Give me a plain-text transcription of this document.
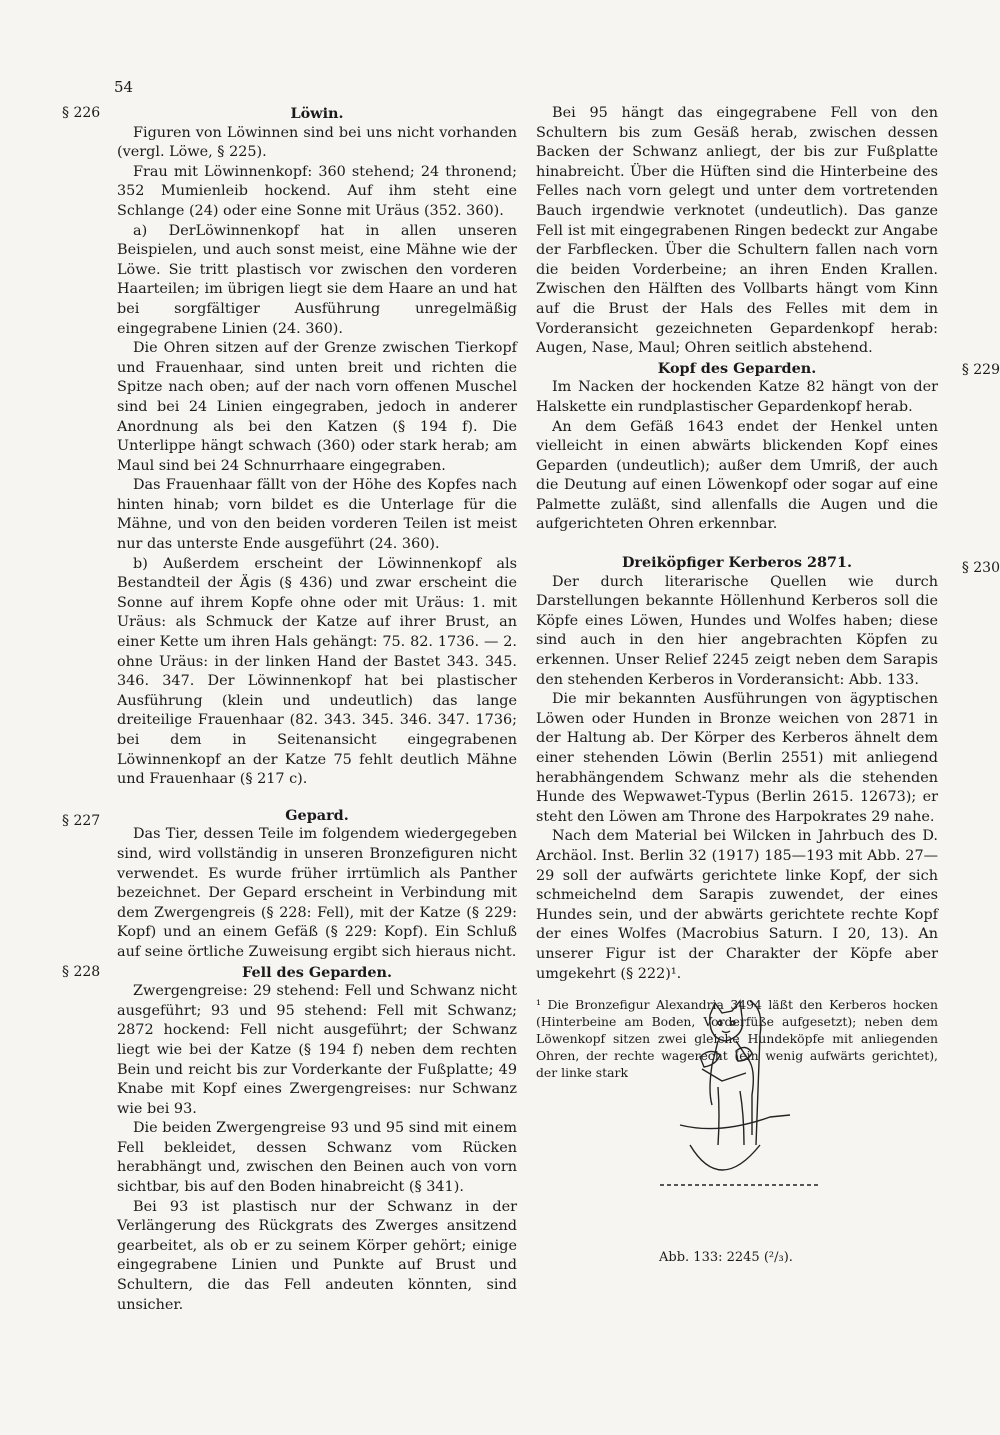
54
§ 226	Löwin.

Figuren von Löwinnen sind bei uns nicht vorhanden (vergl. Löwe, § 225).

Frau mit Löwinnenkopf: 360 stehend; 24 thronend; 352 Mumienleib hockend. Auf ihm steht eine Schlange (24) oder eine Sonne mit Uräus (352. 360).

a) DerLöwinnenkopf hat in allen unseren Beispielen, und auch sonst meist, eine Mähne wie der Löwe. Sie tritt plastisch vor zwischen den vorderen Haarteilen; im übrigen liegt sie dem Haare an und hat bei sorgfältiger Ausführung unregelmäßig eingegrabene Linien (24. 360).

Die Ohren sitzen auf der Grenze zwischen Tierkopf und Frauenhaar, sind unten breit und richten die Spitze nach oben; auf der nach vorn offenen Muschel sind bei 24 Linien eingegraben, jedoch in anderer Anordnung als bei den Katzen (§ 194 f). Die Unterlippe hängt schwach (360) oder stark herab; am Maul sind bei 24 Schnurrhaare eingegraben.

Das Frauenhaar fällt von der Höhe des Kopfes nach hinten hinab; vorn bildet es die Unterlage für die Mähne, und von den beiden vorderen Teilen ist meist nur das unterste Ende ausgeführt (24. 360).

b) Außerdem erscheint der Löwinnenkopf als Bestandteil der Ägis (§ 436) und zwar erscheint die Sonne auf ihrem Kopfe ohne oder mit Uräus: 1. mit Uräus: als Schmuck der Katze auf ihrer Brust, an einer Kette um ihren Hals gehängt: 75. 82. 1736. — 2. ohne Uräus: in der linken Hand der Bastet 343. 345. 346. 347. Der Löwinnenkopf hat bei plastischer Ausführung (klein und undeutlich) das lange dreiteilige Frauenhaar (82. 343. 345. 346. 347. 1736; bei dem in Seitenansicht eingegrabenen Löwinnenkopf an der Katze 75 fehlt deutlich Mähne und Frauenhaar (§ 217 c).

§ 227	Gepard.

Das Tier, dessen Teile im folgendem wiedergegeben sind, wird vollständig in unseren Bronzefiguren nicht verwendet. Es wurde früher irrtümlich als Panther bezeichnet. Der Gepard erscheint in Verbindung mit dem Zwergengreis (§ 228: Fell), mit der Katze (§ 229: Kopf) und an einem Gefäß (§ 229: Kopf). Ein Schluß auf seine örtliche Zuweisung ergibt sich hieraus nicht.

§ 228	Fell des Geparden.

Zwergengreise: 29 stehend: Fell und Schwanz nicht ausgeführt; 93 und 95 stehend: Fell mit Schwanz; 2872 hockend: Fell nicht ausgeführt; der Schwanz liegt wie bei der Katze (§ 194 f) neben dem rechten Bein und reicht bis zur Vorderkante der Fußplatte; 49 Knabe mit Kopf eines Zwergengreises: nur Schwanz wie bei 93.

Die beiden Zwergengreise 93 und 95 sind mit einem Fell bekleidet, dessen Schwanz vom Rücken herabhängt und, zwischen den Beinen auch von vorn sichtbar, bis auf den Boden hinabreicht (§ 341).

Bei 93 ist plastisch nur der Schwanz in der Verlängerung des Rückgrats des Zwerges ansitzend gearbeitet, als ob er zu seinem Körper gehört; einige eingegrabene Linien und Punkte auf Brust und Schultern, die das Fell andeuten könnten, sind unsicher.

Bei 95 hängt das eingegrabene Fell von den Schultern bis zum Gesäß herab, zwischen dessen Backen der Schwanz anliegt, der bis zur Fußplatte hinabreicht. Über die Hüften sind die Hinterbeine des Felles nach vorn gelegt und unter dem vortretenden Bauch irgendwie verknotet (undeutlich). Das ganze Fell ist mit eingegrabenen Ringen bedeckt zur Angabe der Farbflecken. Über die Schultern fallen nach vorn die beiden Vorderbeine; an ihren Enden Krallen. Zwischen den Hälften des Vollbarts hängt vom Kinn auf die Brust der Hals des Felles mit dem in Vorderansicht gezeichneten Gepardenkopf herab: Augen, Nase, Maul; Ohren seitlich abstehend.

§ 229
Kopf des Geparden.

Im Nacken der hockenden Katze 82 hängt von der Halskette ein rundplastischer Gepardenkopf herab.

An dem Gefäß 1643 endet der Henkel unten vielleicht in einen abwärts blickenden Kopf eines Geparden (undeutlich); außer dem Umriß, der auch die Deutung auf einen Löwenkopf oder sogar auf eine Palmette zuläßt, sind allenfalls die Augen und die aufgerichteten Ohren erkennbar.

§ 230
Dreiköpfiger Kerberos 2871.

Der durch literarische Quellen wie durch Darstellungen bekannte Höllenhund Kerberos soll die Köpfe eines Löwen, Hundes und Wolfes haben; diese sind auch in den hier angebrachten Köpfen zu erkennen. Unser Relief 2245 zeigt neben dem Sarapis den stehenden Kerberos in Vorderansicht: Abb. 133.

Die mir bekannten Ausführungen von ägyptischen Löwen oder Hunden in Bronze weichen von 2871 in der Haltung ab. Der Körper des Kerberos ähnelt dem einer stehenden Löwin (Berlin 2551) mit anliegend herabhängendem Schwanz mehr als die stehenden Hunde des Wepwawet-Typus (Berlin 2615. 12673); er steht den Löwen am Throne des Harpokrates 29 nahe.

Nach dem Material bei Wilcken in Jahrbuch des D. Archäol. Inst. Berlin 32 (1917) 185—193 mit Abb. 27—29 soll der aufwärts gerichtete linke Kopf, der sich schmeichelnd dem Sarapis zuwendet, der eines Hundes sein, und der abwärts gerichtete rechte Kopf der eines Wolfes (Macrobius Saturn. I 20, 13). An unserer Figur ist der Charakter der Köpfe aber umgekehrt (§ 222)¹.

¹ Die Bronzefigur Alexandria 3494 läßt den Kerberos hocken (Hinterbeine am Boden, Vorderfüße aufgesetzt); neben dem Löwenkopf sitzen zwei gleiche Hundeköpfe mit anliegenden Ohren, der rechte wagerecht (ein wenig aufwärts gerichtet), der linke stark

Abb. 133: 2245 (²/₃).
